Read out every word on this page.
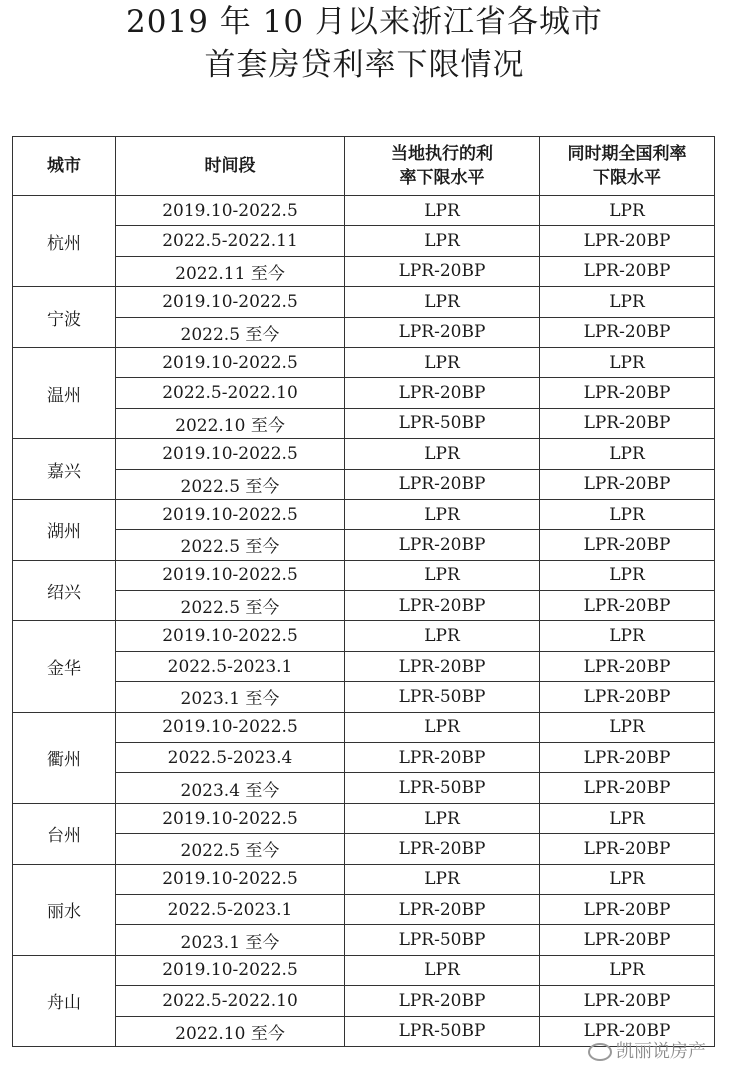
2019 年 10 月以来浙江省各城市
首套房贷利率下限情况
城市	时间段	当地执行的利率下限水平	同时期全国利率下限水平
杭州	2019.10-2022.5	LPR	LPR
	2022.5-2022.11	LPR	LPR-20BP
	2022.11 至今	LPR-20BP	LPR-20BP
宁波	2019.10-2022.5	LPR	LPR
	2022.5 至今	LPR-20BP	LPR-20BP
温州	2019.10-2022.5	LPR	LPR
	2022.5-2022.10	LPR-20BP	LPR-20BP
	2022.10 至今	LPR-50BP	LPR-20BP
嘉兴	2019.10-2022.5	LPR	LPR
	2022.5 至今	LPR-20BP	LPR-20BP
湖州	2019.10-2022.5	LPR	LPR
	2022.5 至今	LPR-20BP	LPR-20BP
绍兴	2019.10-2022.5	LPR	LPR
	2022.5 至今	LPR-20BP	LPR-20BP
金华	2019.10-2022.5	LPR	LPR
	2022.5-2023.1	LPR-20BP	LPR-20BP
	2023.1 至今	LPR-50BP	LPR-20BP
衢州	2019.10-2022.5	LPR	LPR
	2022.5-2023.4	LPR-20BP	LPR-20BP
	2023.4 至今	LPR-50BP	LPR-20BP
台州	2019.10-2022.5	LPR	LPR
	2022.5 至今	LPR-20BP	LPR-20BP
丽水	2019.10-2022.5	LPR	LPR
	2022.5-2023.1	LPR-20BP	LPR-20BP
	2023.1 至今	LPR-50BP	LPR-20BP
舟山	2019.10-2022.5	LPR	LPR
	2022.5-2022.10	LPR-20BP	LPR-20BP
	2022.10 至今	LPR-50BP	LPR-20BP
凯丽说房产
